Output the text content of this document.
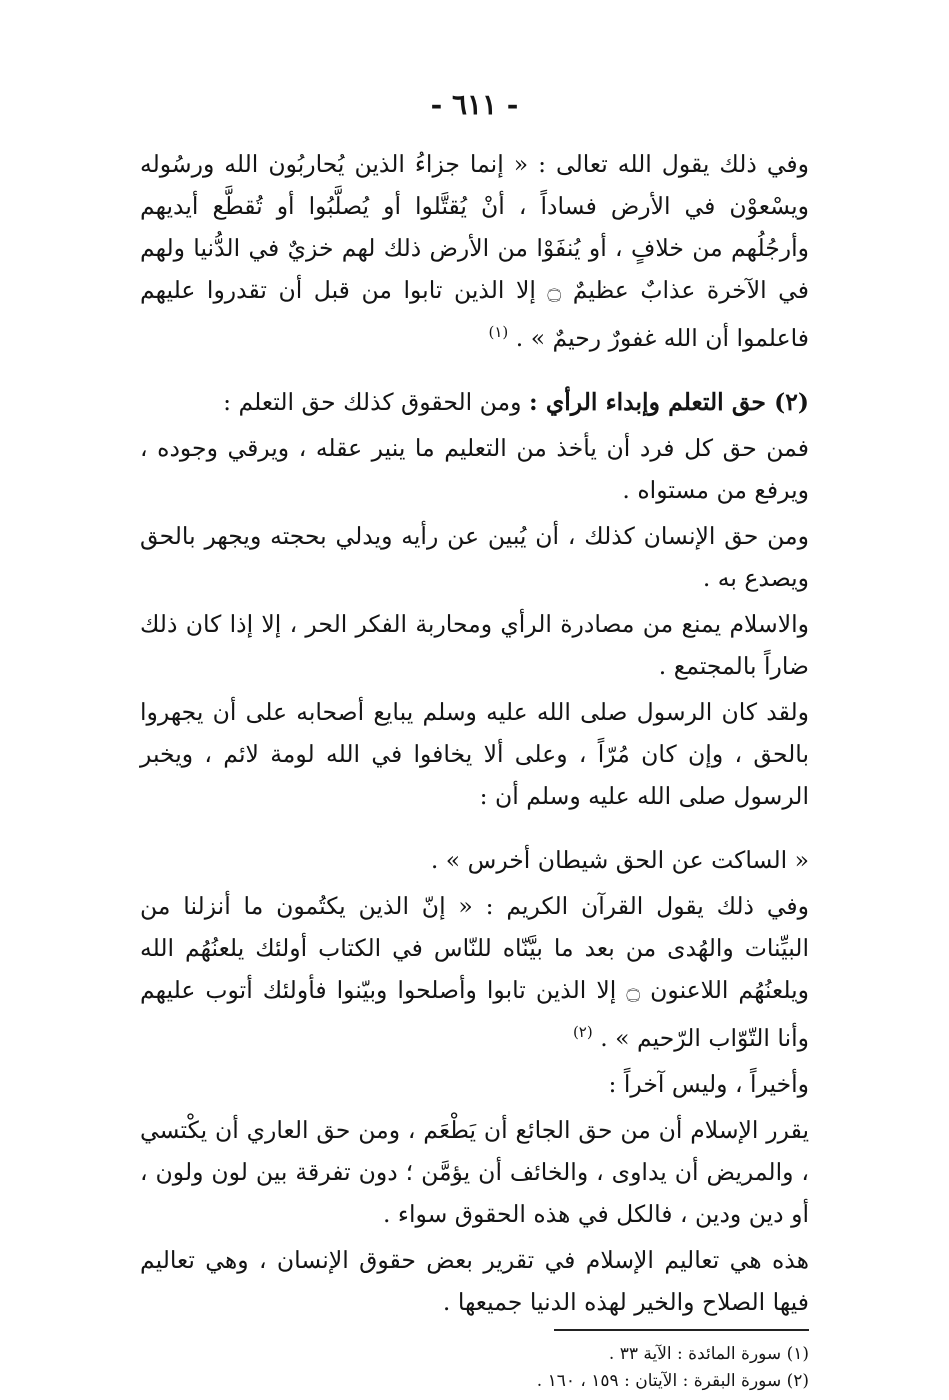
- ٦١١ -

وفي ذلك يقول الله تعالى : « إنما جزاءُ الذين يُحاربُون الله ورسُوله ويسْعوْن في الأرض فساداً ، أنْ يُقتَّلوا أو يُصلَّبُوا أو تُقطَّع أيديهم وأرجُلُهم من خلافٍ ، أو يُنفَوْا من الأرض ذلك لهم خزيٌ في الدُّنيا ولهم في الآخرة عذابٌ عظيمٌ ۝ إلا الذين تابوا من قبل أن تقدروا عليهم فاعلموا أن الله غفورٌ رحيمٌ » . $^{(١)}$

(٢) حق التعلم وإبداء الرأي : ومن الحقوق كذلك حق التعلم :

فمن حق كل فرد أن يأخذ من التعليم ما ينير عقله ، ويرقي وجوده ، ويرفع من مستواه .

ومن حق الإنسان كذلك ، أن يُبين عن رأيه ويدلي بحجته ويجهر بالحق ويصدع به .

والاسلام يمنع من مصادرة الرأي ومحاربة الفكر الحر ، إلا إذا كان ذلك ضاراً بالمجتمع .

ولقد كان الرسول صلى الله عليه وسلم يبايع أصحابه على أن يجهروا بالحق ، وإن كان مُرّاً ، وعلى ألا يخافوا في الله لومة لائم ، ويخبر الرسول صلى الله عليه وسلم أن :

« الساكت عن الحق شيطان أخرس » .

وفي ذلك يقول القرآن الكريم : « إنّ الذين يكتُمون ما أنزلنا من البيِّنات والهُدى من بعد ما بيَّنّاه للنّاس في الكتاب أولئك يلعنُهُم الله ويلعنُهُم اللاعنون ۝ إلا الذين تابوا وأصلحوا وبيّنوا فأولئك أتوب عليهم وأنا التّوّاب الرّحيم » . $^{(٢)}$

وأخيراً ، وليس آخراً :

يقرر الإسلام أن من حق الجائع أن يَطْعَم ، ومن حق العاري أن يكْتسي ، والمريض أن يداوى ، والخائف أن يؤمَّن ؛ دون تفرقة بين لون ولون ، أو دين ودين ، فالكل في هذه الحقوق سواء .

هذه هي تعاليم الإسلام في تقرير بعض حقوق الإنسان ، وهي تعاليم فيها الصلاح والخير لهذه الدنيا جميعها .

(١) سورة المائدة : الآية ٣٣ .

(٢) سورة البقرة : الآيتان : ١٥٩ ، ١٦٠ .
